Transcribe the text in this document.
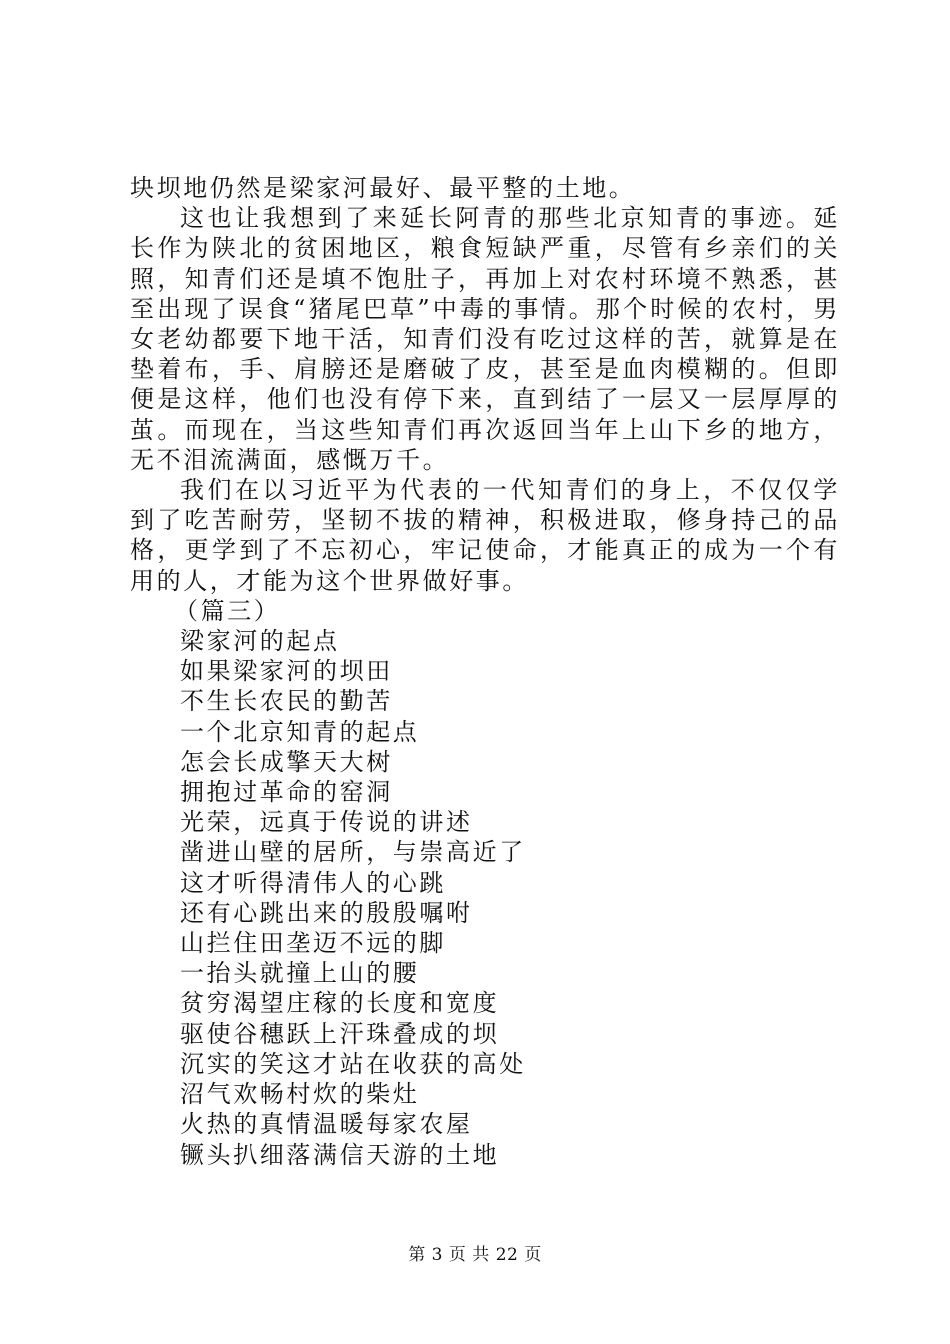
块坝地仍然是梁家河最好、最平整的土地。

这也让我想到了来延长阿青的那些北京知青的事迹。延长作为陕北的贫困地区，粮食短缺严重，尽管有乡亲们的关照，知青们还是填不饱肚子，再加上对农村环境不熟悉，甚至出现了误食“猪尾巴草”中毒的事情。那个时候的农村，男女老幼都要下地干活，知青们没有吃过这样的苦，就算是在垫着布，手、肩膀还是磨破了皮，甚至是血肉模糊的。但即便是这样，他们也没有停下来，直到结了一层又一层厚厚的茧。而现在，当这些知青们再次返回当年上山下乡的地方，无不泪流满面，感慨万千。

我们在以习近平为代表的一代知青们的身上，不仅仅学到了吃苦耐劳，坚韧不拔的精神，积极进取，修身持己的品格，更学到了不忘初心，牢记使命，才能真正的成为一个有用的人，才能为这个世界做好事。

（篇三）

梁家河的起点
如果梁家河的坝田
不生长农民的勤苦
一个北京知青的起点
怎会长成擎天大树
拥抱过革命的窑洞
光荣，远真于传说的讲述
凿进山壁的居所，与崇高近了
这才听得清伟人的心跳
还有心跳出来的殷殷嘱咐
山拦住田垄迈不远的脚
一抬头就撞上山的腰
贫穷渴望庄稼的长度和宽度
驱使谷穗跃上汗珠叠成的坝
沉实的笑这才站在收获的高处
沼气欢畅村炊的柴灶
火热的真情温暖每家农屋
镢头扒细落满信天游的土地
第 3 页 共 22 页
